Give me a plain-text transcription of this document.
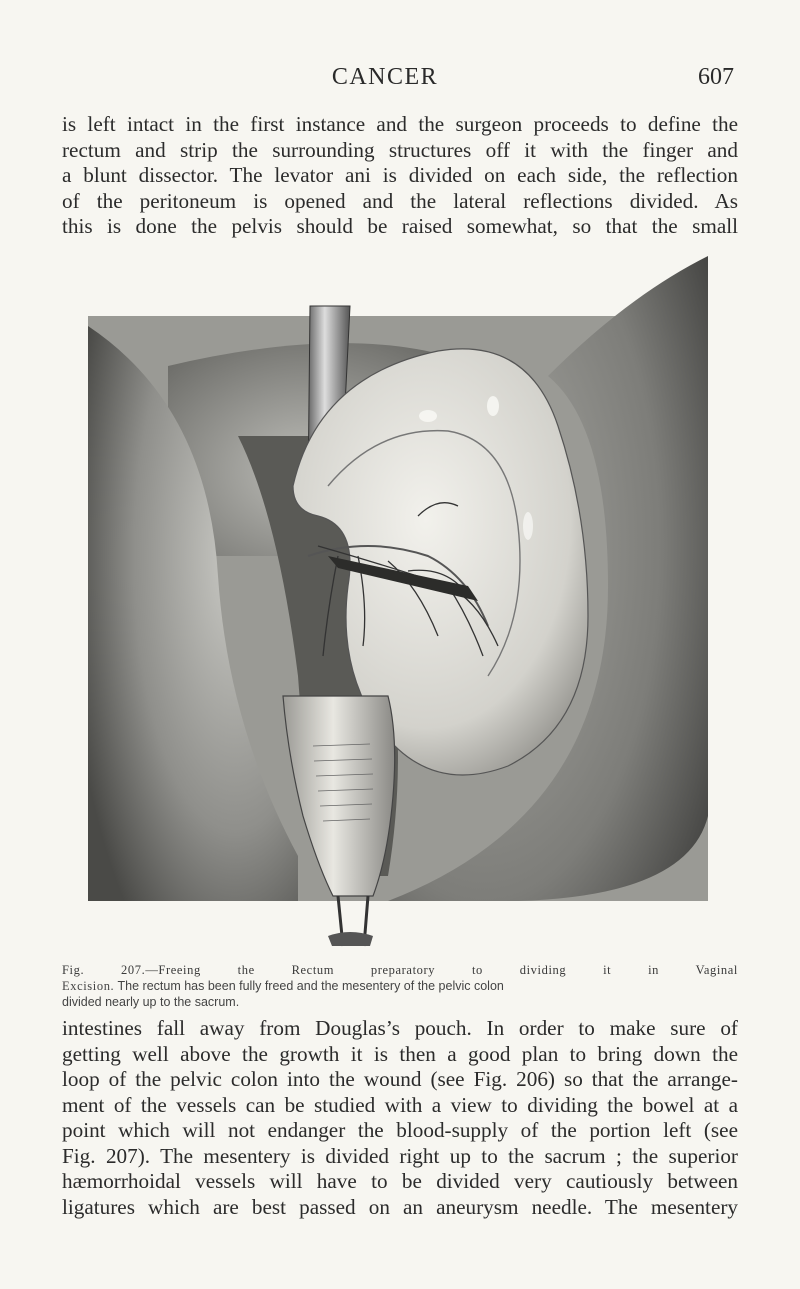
CANCER	607
is left intact in the first instance and the surgeon proceeds to define the
rectum and strip the surrounding structures off it with the finger and
a blunt dissector. The levator ani is divided on each side, the reflection
of the peritoneum is opened and the lateral reflections divided. As
this is done the pelvis should be raised somewhat, so that the small
Fig. 207.—Freeing the Rectum preparatory to dividing it in Vaginal
Excision. The rectum has been fully freed and the mesentery of the pelvic colon
divided nearly up to the sacrum.
intestines fall away from Douglas’s pouch. In order to make sure of
getting well above the growth it is then a good plan to bring down the
loop of the pelvic colon into the wound (see Fig. 206) so that the arrange-
ment of the vessels can be studied with a view to dividing the bowel at a
point which will not endanger the blood-supply of the portion left (see
Fig. 207). The mesentery is divided right up to the sacrum ; the superior
hæmorrhoidal vessels will have to be divided very cautiously between
ligatures which are best passed on an aneurysm needle. The mesentery
